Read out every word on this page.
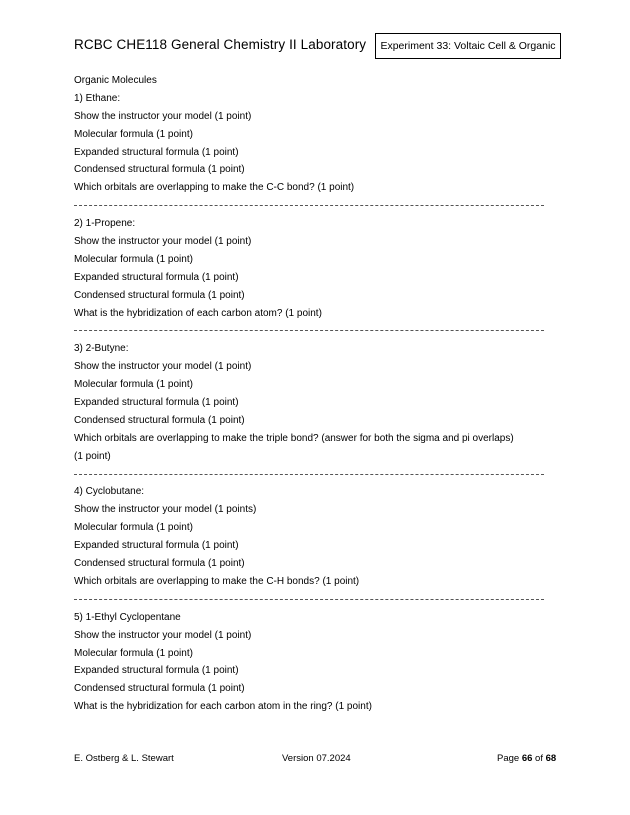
RCBC CHE118 General Chemistry II Laboratory	Experiment 33: Voltaic Cell & Organic
Organic Molecules
1) Ethane:
Show the instructor your model (1 point)
Molecular formula (1 point)
Expanded structural formula (1 point)
Condensed structural formula (1 point)
Which orbitals are overlapping to make the C-C bond? (1 point)
2) 1-Propene:
Show the instructor your model (1 point)
Molecular formula (1 point)
Expanded structural formula (1 point)
Condensed structural formula (1 point)
What is the hybridization of each carbon atom? (1 point)
3) 2-Butyne:
Show the instructor your model (1 point)
Molecular formula (1 point)
Expanded structural formula (1 point)
Condensed structural formula (1 point)
Which orbitals are overlapping to make the triple bond? (answer for both the sigma and pi overlaps)
(1 point)
4) Cyclobutane:
Show the instructor your model (1 points)
Molecular formula (1 point)
Expanded structural formula (1 point)
Condensed structural formula (1 point)
Which orbitals are overlapping to make the C-H bonds? (1 point)
5) 1-Ethyl Cyclopentane
Show the instructor your model (1 point)
Molecular formula (1 point)
Expanded structural formula (1 point)
Condensed structural formula (1 point)
What is the hybridization for each carbon atom in the ring? (1 point)
E. Ostberg & L. Stewart	Version 07.2024	Page 66 of 68
